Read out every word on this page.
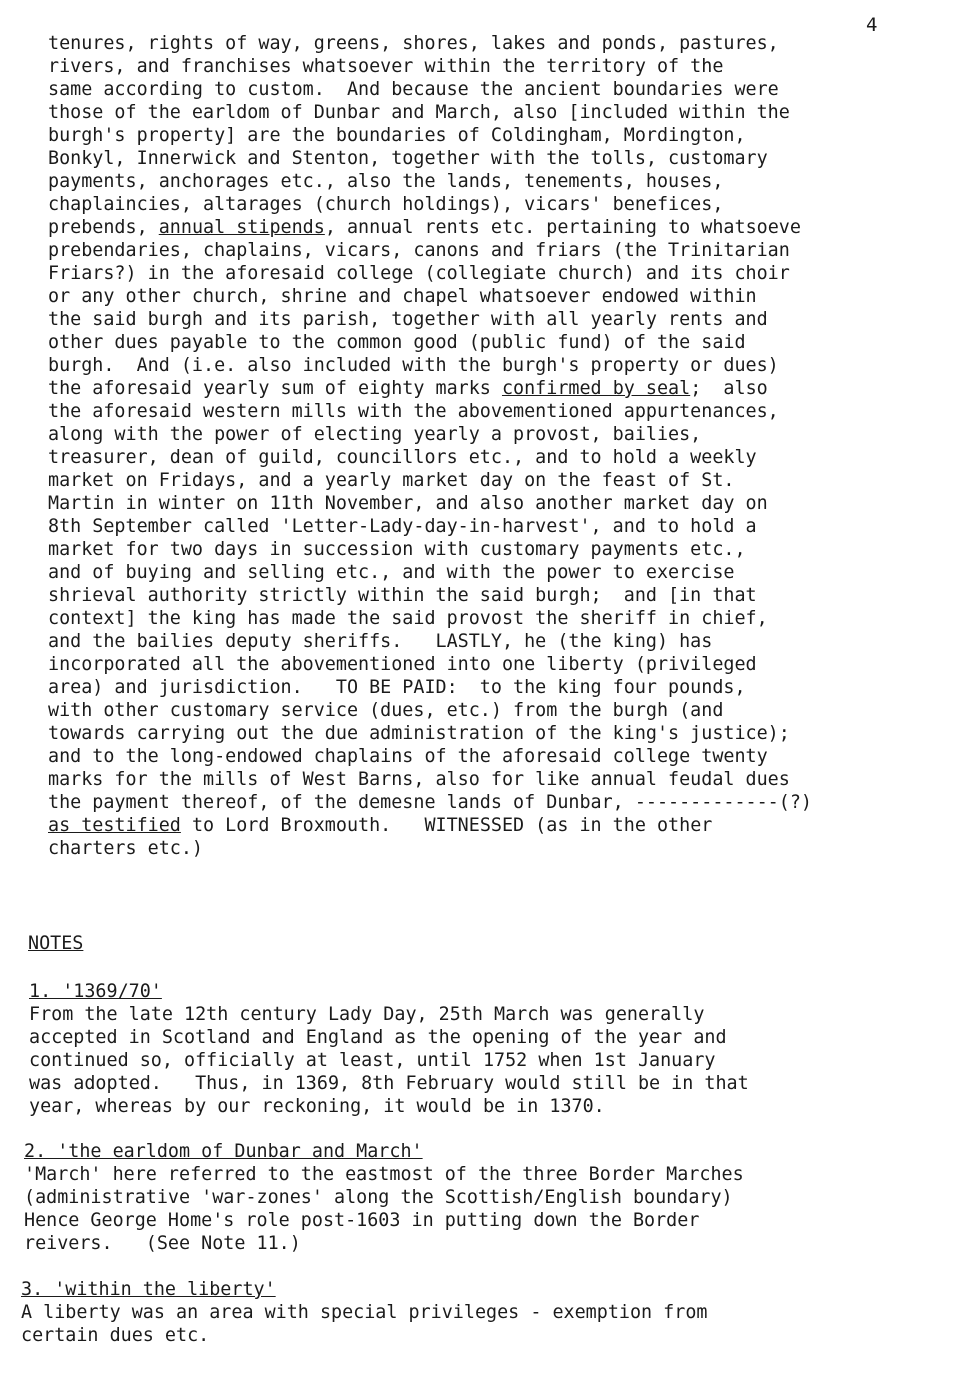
4
tenures, rights of way, greens, shores, lakes and ponds, pastures,
rivers, and franchises whatsoever within the territory of the
same according to custom.  And because the ancient boundaries were
those of the earldom of Dunbar and March, also [included within the
burgh's property] are the boundaries of Coldingham, Mordington,
Bonkyl, Innerwick and Stenton, together with the tolls, customary
payments, anchorages etc., also the lands, tenements, houses,
chaplaincies, altarages (church holdings), vicars' benefices,
prebends, annual stipends, annual rents etc. pertaining to whatsoeve
prebendaries, chaplains, vicars, canons and friars (the Trinitarian
Friars?) in the aforesaid college (collegiate church) and its choir
or any other church, shrine and chapel whatsoever endowed within
the said burgh and its parish, together with all yearly rents and
other dues payable to the common good (public fund) of the said
burgh.  And (i.e. also included with the burgh's property or dues)
the aforesaid yearly sum of eighty marks confirmed by seal;  also
the aforesaid western mills with the abovementioned appurtenances,
along with the power of electing yearly a provost, bailies,
treasurer, dean of guild, councillors etc., and to hold a weekly
market on Fridays, and a yearly market day on the feast of St.
Martin in winter on 11th November, and also another market day on
8th September called 'Letter-Lady-day-in-harvest', and to hold a
market for two days in succession with customary payments etc.,
and of buying and selling etc., and with the power to exercise
shrieval authority strictly within the said burgh;  and [in that
context] the king has made the said provost the sheriff in chief,
and the bailies deputy sheriffs.   LASTLY, he (the king) has
incorporated all the abovementioned into one liberty (privileged
area) and jurisdiction.   TO BE PAID:  to the king four pounds,
with other customary service (dues, etc.) from the burgh (and
towards carrying out the due administration of the king's justice);
and to the long-endowed chaplains of the aforesaid college twenty
marks for the mills of West Barns, also for like annual feudal dues
the payment thereof, of the demesne lands of Dunbar, -------------(?)
as testified to Lord Broxmouth.   WITNESSED (as in the other
charters etc.)
NOTES
1. '1369/70'
From the late 12th century Lady Day, 25th March was generally
accepted in Scotland and England as the opening of the year and
continued so, officially at least, until 1752 when 1st January
was adopted.   Thus, in 1369, 8th February would still be in that
year, whereas by our reckoning, it would be in 1370.
2. 'the earldom of Dunbar and March'
'March' here referred to the eastmost of the three Border Marches
(administrative 'war-zones' along the Scottish/English boundary)
Hence George Home's role post-1603 in putting down the Border
reivers.   (See Note 11.)
3. 'within the liberty'
A liberty was an area with special privileges - exemption from
certain dues etc.
